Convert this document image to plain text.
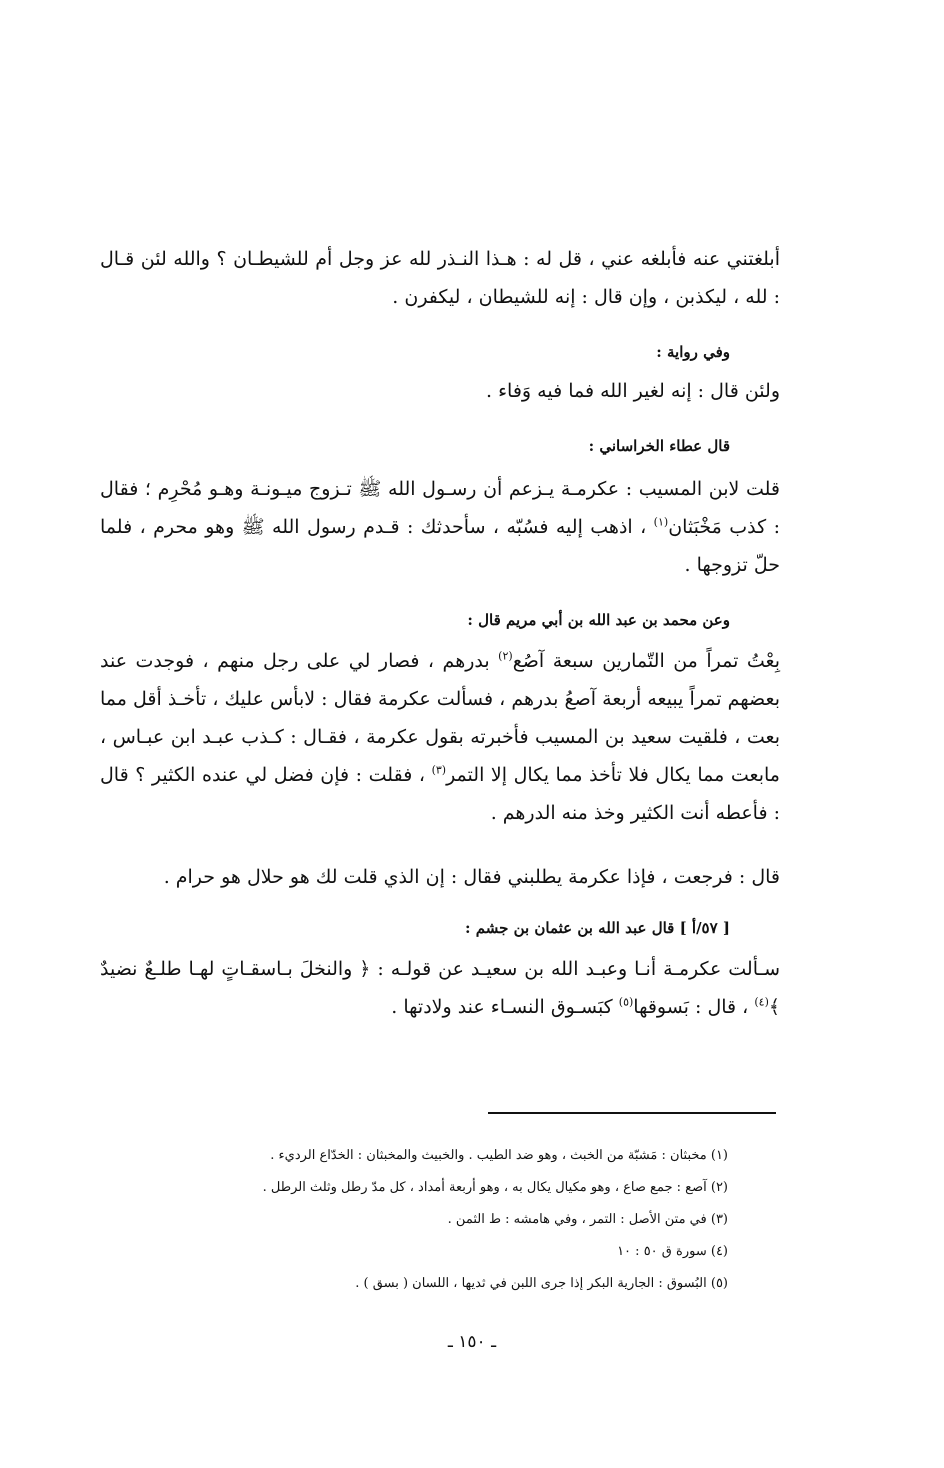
أبلغتني عنه فأبلغه عني ، قل له : هـذا النـذر لله عز وجل أم للشيطـان ؟ والله لئن قـال : لله ، ليكذبن ، وإن قال : إنه للشيطان ، ليكفرن .

وفي رواية :

ولئن قال : إنه لغير الله فما فيه وَفاء .

قال عطاء الخراساني :

قلت لابن المسيب : عكرمـة يـزعم أن رسـول الله ﷺ تـزوج ميـونـة وهـو مُحْرِم ؛ فقال : كذب مَخْبَثان$^{(١)}$ ، اذهب إليه فسُبّه ، سأحدثك : قـدم رسول الله ﷺ وهو محرم ، فلما حلّ تزوجها .

وعن محمد بن عبد الله بن أبي مريم قال :

بِعْتُ تمراً من التّمارين سبعة آصُع$^{(٢)}$ بدرهم ، فصار لي على رجل منهم ، فوجدت عند بعضهم تمراً يبيعه أربعة آصعُ بدرهم ، فسألت عكرمة فقال : لابأس عليك ، تأخـذ أقل مما بعت ، فلقيت سعيد بن المسيب فأخبرته بقول عكرمة ، فقـال : كـذب عبـد ابن عبـاس ، مابعت مما يكال فلا تأخذ مما يكال إلا التمر$^{(٣)}$ ، فقلت : فإن فضل لي عنده الكثير ؟ قال : فأعطه أنت الكثير وخذ منه الدرهم .

قال : فرجعت ، فإذا عكرمة يطلبني فقال : إن الذي قلت لك هو حلال هو حرام .

[ ٥٧/أ ] قال عبد الله بن عثمان بن جشم :

سـألت عكرمـة أنـا وعبـد الله بن سعيـد عن قولـه : ﴿ والنخلَ بـاسقـاتٍ لهـا طلـعٌ نضيدٌ ﴾$^{(٤)}$ ، قال : بَسوقها$^{(٥)}$ كبَسـوق النسـاء عند ولادتها .

(١) مخبثان : مَشبّة من الخبث ، وهو ضد الطيب . والخبيث والمخبثان : الخدّاع الرديء .

(٢) آصع : جمع صاع ، وهو مكيال يكال به ، وهو أربعة أمداد ، كل مدّ رطل وثلث الرطل .

(٣) في متن الأصل : التمر ، وفي هامشه : ط الثمن .

(٤) سورة ق ٥٠ : ١٠

(٥) البُسوق : الجارية البكر إذا جرى اللبن في ثديها ، اللسان ( بسق ) .

ـ ١٥٠ ـ
